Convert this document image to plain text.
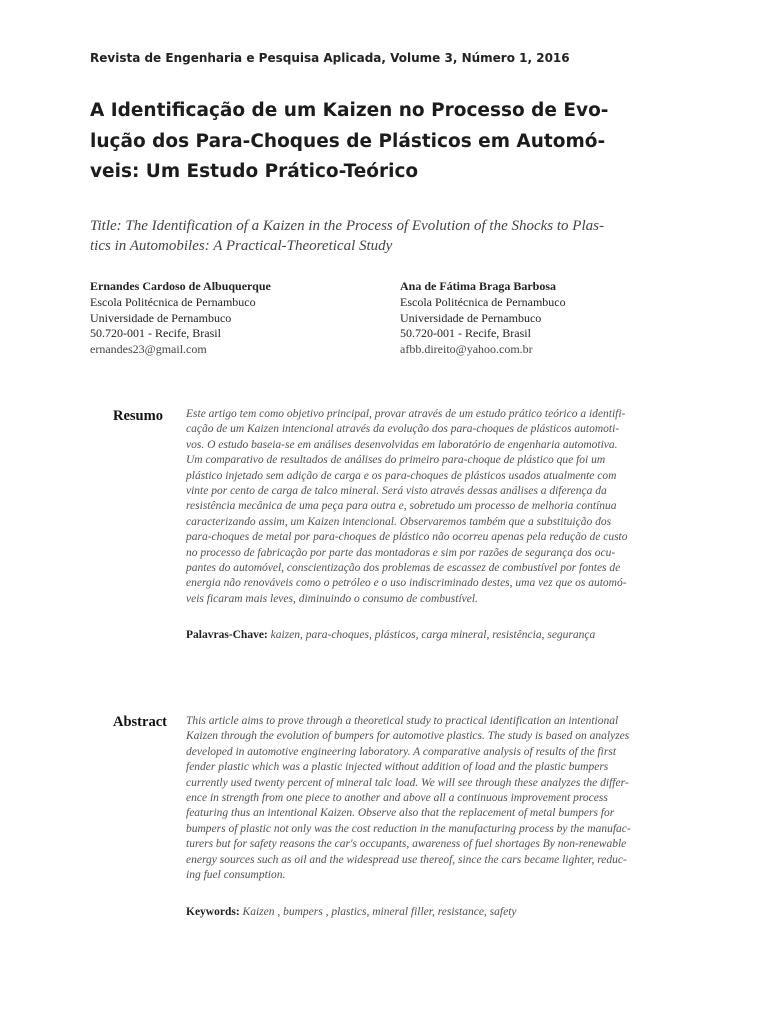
Revista de Engenharia e Pesquisa Aplicada, Volume 3, Número 1, 2016
A Identificação de um Kaizen no Processo de Evo-
lução dos Para-Choques de Plásticos em Automó-
veis: Um Estudo Prático-Teórico
Title: The Identification of a Kaizen in the Process of Evolution of the Shocks to Plas-
tics in Automobiles: A Practical-Theoretical Study
Ernandes Cardoso de Albuquerque
Escola Politécnica de Pernambuco
Universidade de Pernambuco
50.720-001 - Recife, Brasil
ernandes23@gmail.com
Ana de Fátima Braga Barbosa
Escola Politécnica de Pernambuco
Universidade de Pernambuco
50.720-001 - Recife, Brasil
afbb.direito@yahoo.com.br
Resumo Este artigo tem como objetivo principal, provar através de um estudo prático teórico a identifi-
cação de um Kaizen intencional através da evolução dos para-choques de plásticos automoti-
vos. O estudo baseia-se em análises desenvolvidas em laboratório de engenharia automotiva.
Um comparativo de resultados de análises do primeiro para-choque de plástico que foi um
plástico injetado sem adição de carga e os para-choques de plásticos usados atualmente com
vinte por cento de carga de talco mineral. Será visto através dessas análises a diferença da
resistência mecânica de uma peça para outra e, sobretudo um processo de melhoria contínua
caracterizando assim, um Kaizen intencional. Observaremos também que a substituição dos
para-choques de metal por para-choques de plástico não ocorreu apenas pela redução de custo
no processo de fabricação por parte das montadoras e sim por razões de segurança dos ocu-
pantes do automóvel, conscientização dos problemas de escassez de combustível por fontes de
energia não renováveis como o petróleo e o uso indiscriminado destes, uma vez que os automó-
veis ficaram mais leves, diminuindo o consumo de combustível.
Palavras-Chave: kaizen, para-choques, plásticos, carga mineral, resistência, segurança
Abstract This article aims to prove through a theoretical study to practical identification an intentional
Kaizen through the evolution of bumpers for automotive plastics. The study is based on analyzes
developed in automotive engineering laboratory. A comparative analysis of results of the first
fender plastic which was a plastic injected without addition of load and the plastic bumpers
currently used twenty percent of mineral talc load. We will see through these analyzes the differ-
ence in strength from one piece to another and above all a continuous improvement process
featuring thus an intentional Kaizen. Observe also that the replacement of metal bumpers for
bumpers of plastic not only was the cost reduction in the manufacturing process by the manufac-
turers but for safety reasons the car's occupants, awareness of fuel shortages By non-renewable
energy sources such as oil and the widespread use thereof, since the cars became lighter, reduc-
ing fuel consumption.
Keywords: Kaizen , bumpers , plastics, mineral filler, resistance, safety
